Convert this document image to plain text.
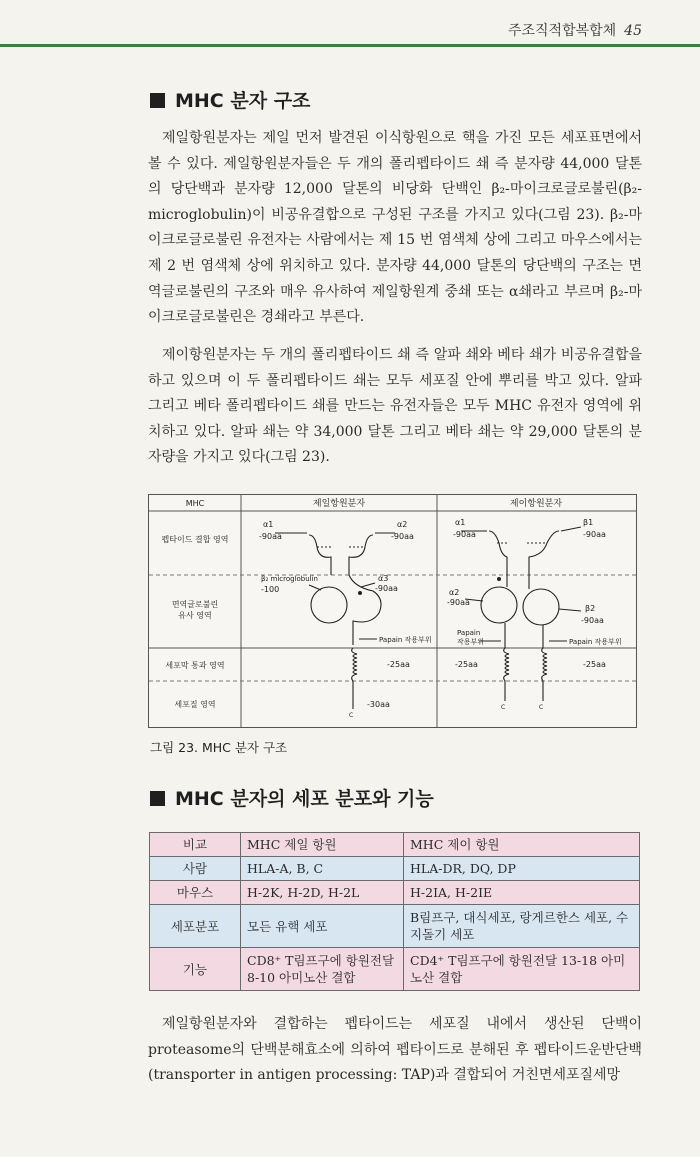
주조직적합복합체 45
MHC 분자 구조

제일항원분자는 제일 먼저 발견된 이식항원으로 핵을 가진 모든 세포표면에서 볼 수 있다. 제일항원분자들은 두 개의 폴리펩타이드 쇄 즉 분자량 44,000 달톤의 당단백과 분자량 12,000 달톤의 비당화 단백인 β₂-마이크로글로불린(β₂-microglobulin)이 비공유결합으로 구성된 구조를 가지고 있다(그림 23). β₂-마이크로글로불린 유전자는 사람에서는 제 15 번 염색체 상에 그리고 마우스에서는 제 2 번 염색체 상에 위치하고 있다. 분자량 44,000 달톤의 당단백의 구조는 면역글로불린의 구조와 매우 유사하여 제일항원계 중쇄 또는 α쇄라고 부르며 β₂-마이크로글로불린은 경쇄라고 부른다.

제이항원분자는 두 개의 폴리펩타이드 쇄 즉 알파 쇄와 베타 쇄가 비공유결합을 하고 있으며 이 두 폴리펩타이드 쇄는 모두 세포질 안에 뿌리를 박고 있다. 알파 그리고 베타 폴리펩타이드 쇄를 만드는 유전자들은 모두 MHC 유전자 영역에 위치하고 있다. 알파 쇄는 약 34,000 달톤 그리고 베타 쇄는 약 29,000 달톤의 분자량을 가지고 있다(그림 23).

MHC	제일항원분자	제이항원분자
펩타이드 결합 영역
면역글로불린
유사 영역
세포막 통과 영역
세포질 영역
α1
-90aa
α2
-90aa
β₂ microglobulin
-100
α3
-90aa
Papain 작용부위
-25aa
-30aa
C
α1
-90aa
β1
-90aa
α2
-90aa
β2
-90aa
Papain
작용부위	Papain 작용부위
-25aa	-25aa
C	C
그림 23. MHC 분자 구조
MHC 분자의 세포 분포와 기능
비교	MHC 제일 항원	MHC 제이 항원
사람	HLA-A, B, C	HLA-DR, DQ, DP
마우스	H-2K, H-2D, H-2L	H-2IA, H-2IE
세포분포	모든 유핵 세포	B림프구, 대식세포, 랑게르한스 세포, 수지돌기 세포
기능	CD8⁺ T림프구에 항원전달 8-10 아미노산 결합	CD4⁺ T림프구에 항원전달 13-18 아미노산 결합

제일항원분자와 결합하는 펩타이드는 세포질 내에서 생산된 단백이 proteasome의 단백분해효소에 의하여 펩타이드로 분해된 후 펩타이드운반단백(transporter in antigen processing: TAP)과 결합되어 거친면세포질세망
